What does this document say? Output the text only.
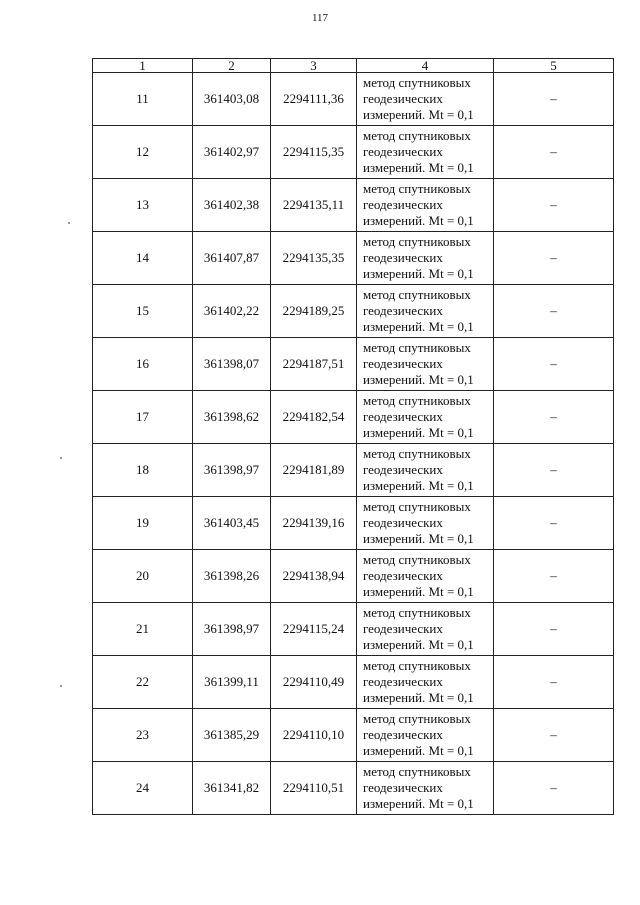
117
1	2	3	4	5
11	361403,08	2294111,36	метод спутниковых
геодезических
измерений. Mt = 0,1	–
12	361402,97	2294115,35	метод спутниковых
геодезических
измерений. Mt = 0,1	–
13	361402,38	2294135,11	метод спутниковых
геодезических
измерений. Mt = 0,1	–
14	361407,87	2294135,35	метод спутниковых
геодезических
измерений. Mt = 0,1	–
15	361402,22	2294189,25	метод спутниковых
геодезических
измерений. Mt = 0,1	–
16	361398,07	2294187,51	метод спутниковых
геодезических
измерений. Mt = 0,1	–
17	361398,62	2294182,54	метод спутниковых
геодезических
измерений. Mt = 0,1	–
18	361398,97	2294181,89	метод спутниковых
геодезических
измерений. Mt = 0,1	–
19	361403,45	2294139,16	метод спутниковых
геодезических
измерений. Mt = 0,1	–
20	361398,26	2294138,94	метод спутниковых
геодезических
измерений. Mt = 0,1	–
21	361398,97	2294115,24	метод спутниковых
геодезических
измерений. Mt = 0,1	–
22	361399,11	2294110,49	метод спутниковых
геодезических
измерений. Mt = 0,1	–
23	361385,29	2294110,10	метод спутниковых
геодезических
измерений. Mt = 0,1	–
24	361341,82	2294110,51	метод спутниковых
геодезических
измерений. Mt = 0,1	–
